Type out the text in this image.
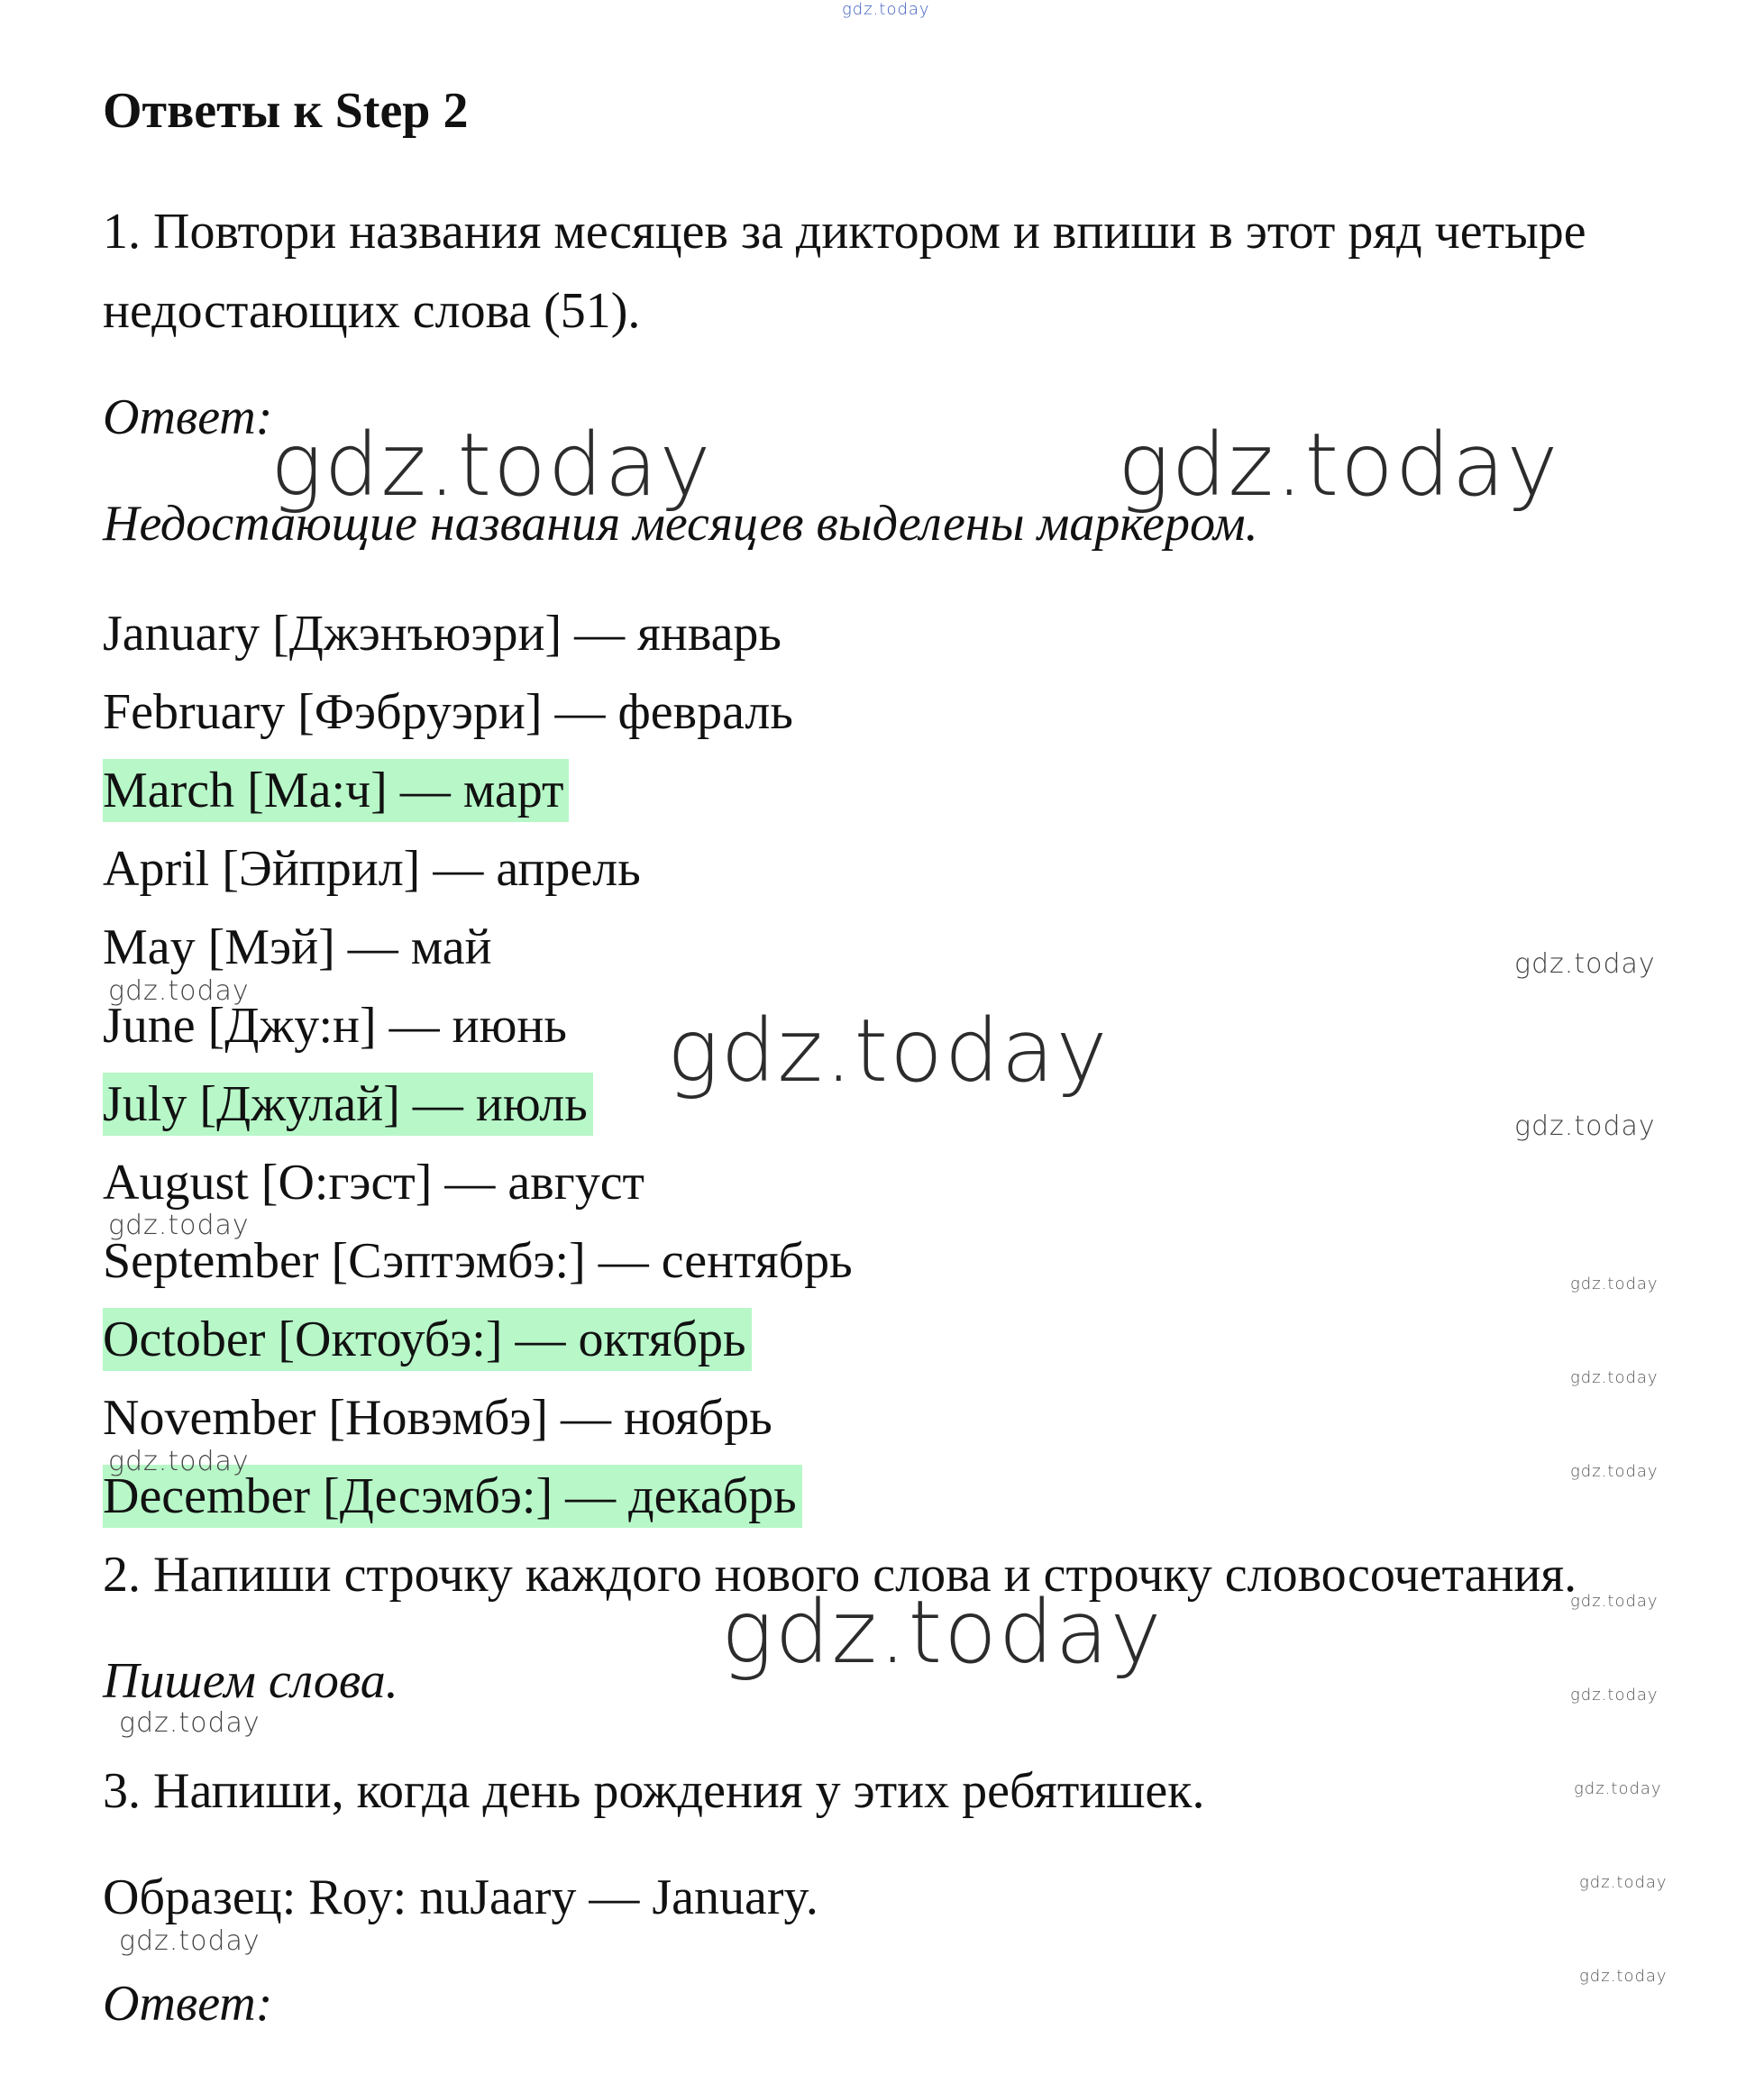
gdz.today
Ответы к Step 2
1. Повтори названия месяцев за диктором и впиши в этот ряд четыре
недостающих слова (51).
Ответ:
Недостающие названия месяцев выделены маркером.
January [Джэнъюэри] — январь
February [Фэбруэри] — февраль
March [Ма:ч] — март
April [Эйприл] — апрель
May [Мэй] — май
June [Джу:н] — июнь
July [Джулай] — июль
August [О:гэст] — август
September [Сэптэмбэ:] — сентябрь
October [Октоубэ:] — октябрь
November [Новэмбэ] — ноябрь
December [Десэмбэ:] — декабрь
2. Напиши строчку каждого нового слова и строчку словосочетания.
Пишем слова.
3. Напиши, когда день рождения у этих ребятишек.
Образец: Roy: nuJaary — January.
Ответ:
gdz.today	gdz.today
gdz.today
gdz.today
gdz.today
gdz.today
gdz.today
gdz.today
gdz.today
gdz.today
gdz.today
gdz.today
gdz.today
gdz.today
gdz.today
gdz.today
gdz.today
gdz.today
gdz.today
